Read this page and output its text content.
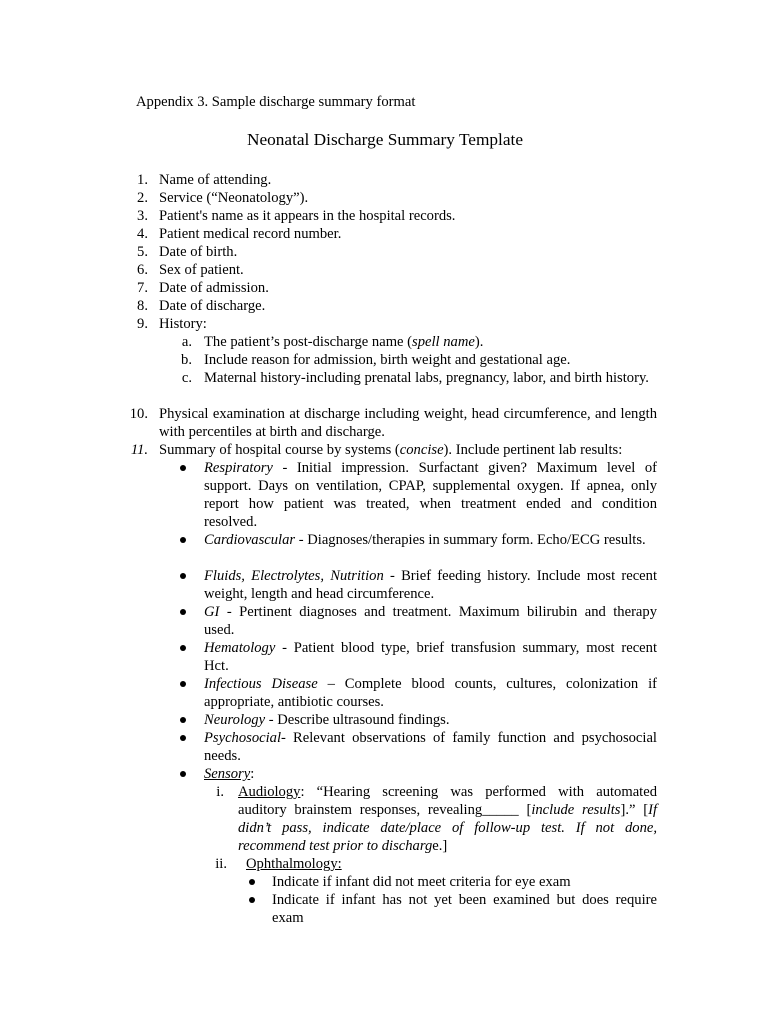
Appendix 3. Sample discharge summary format
Neonatal Discharge Summary Template
1. Name of attending.
2. Service (“Neonatology”).
3. Patient's name as it appears in the hospital records.
4. Patient medical record number.
5. Date of birth.
6. Sex of patient.
7. Date of admission.
8. Date of discharge.
9. History:
a. The patient’s post-discharge name (spell name).
b. Include reason for admission, birth weight and gestational age.
c. Maternal history-including prenatal labs, pregnancy, labor, and birth history.
10. Physical examination at discharge including weight, head circumference, and length with percentiles at birth and discharge.
11. Summary of hospital course by systems (concise). Include pertinent lab results:
Respiratory - Initial impression. Surfactant given? Maximum level of support. Days on ventilation, CPAP, supplemental oxygen. If apnea, only report how patient was treated, when treatment ended and condition resolved.
Cardiovascular - Diagnoses/therapies in summary form. Echo/ECG results.
Fluids, Electrolytes, Nutrition - Brief feeding history. Include most recent weight, length and head circumference.
GI - Pertinent diagnoses and treatment. Maximum bilirubin and therapy used.
Hematology - Patient blood type, brief transfusion summary, most recent Hct.
Infectious Disease – Complete blood counts, cultures, colonization if appropriate, antibiotic courses.
Neurology - Describe ultrasound findings.
Psychosocial- Relevant observations of family function and psychosocial needs.
Sensory:
i. Audiology: “Hearing screening was performed with automated auditory brainstem responses, revealing_____ [include results].” [If didn’t pass, indicate date/place of follow-up test. If not done, recommend test prior to discharge.]
ii. Ophthalmology:
Indicate if infant did not meet criteria for eye exam
Indicate if infant has not yet been examined but does require exam
